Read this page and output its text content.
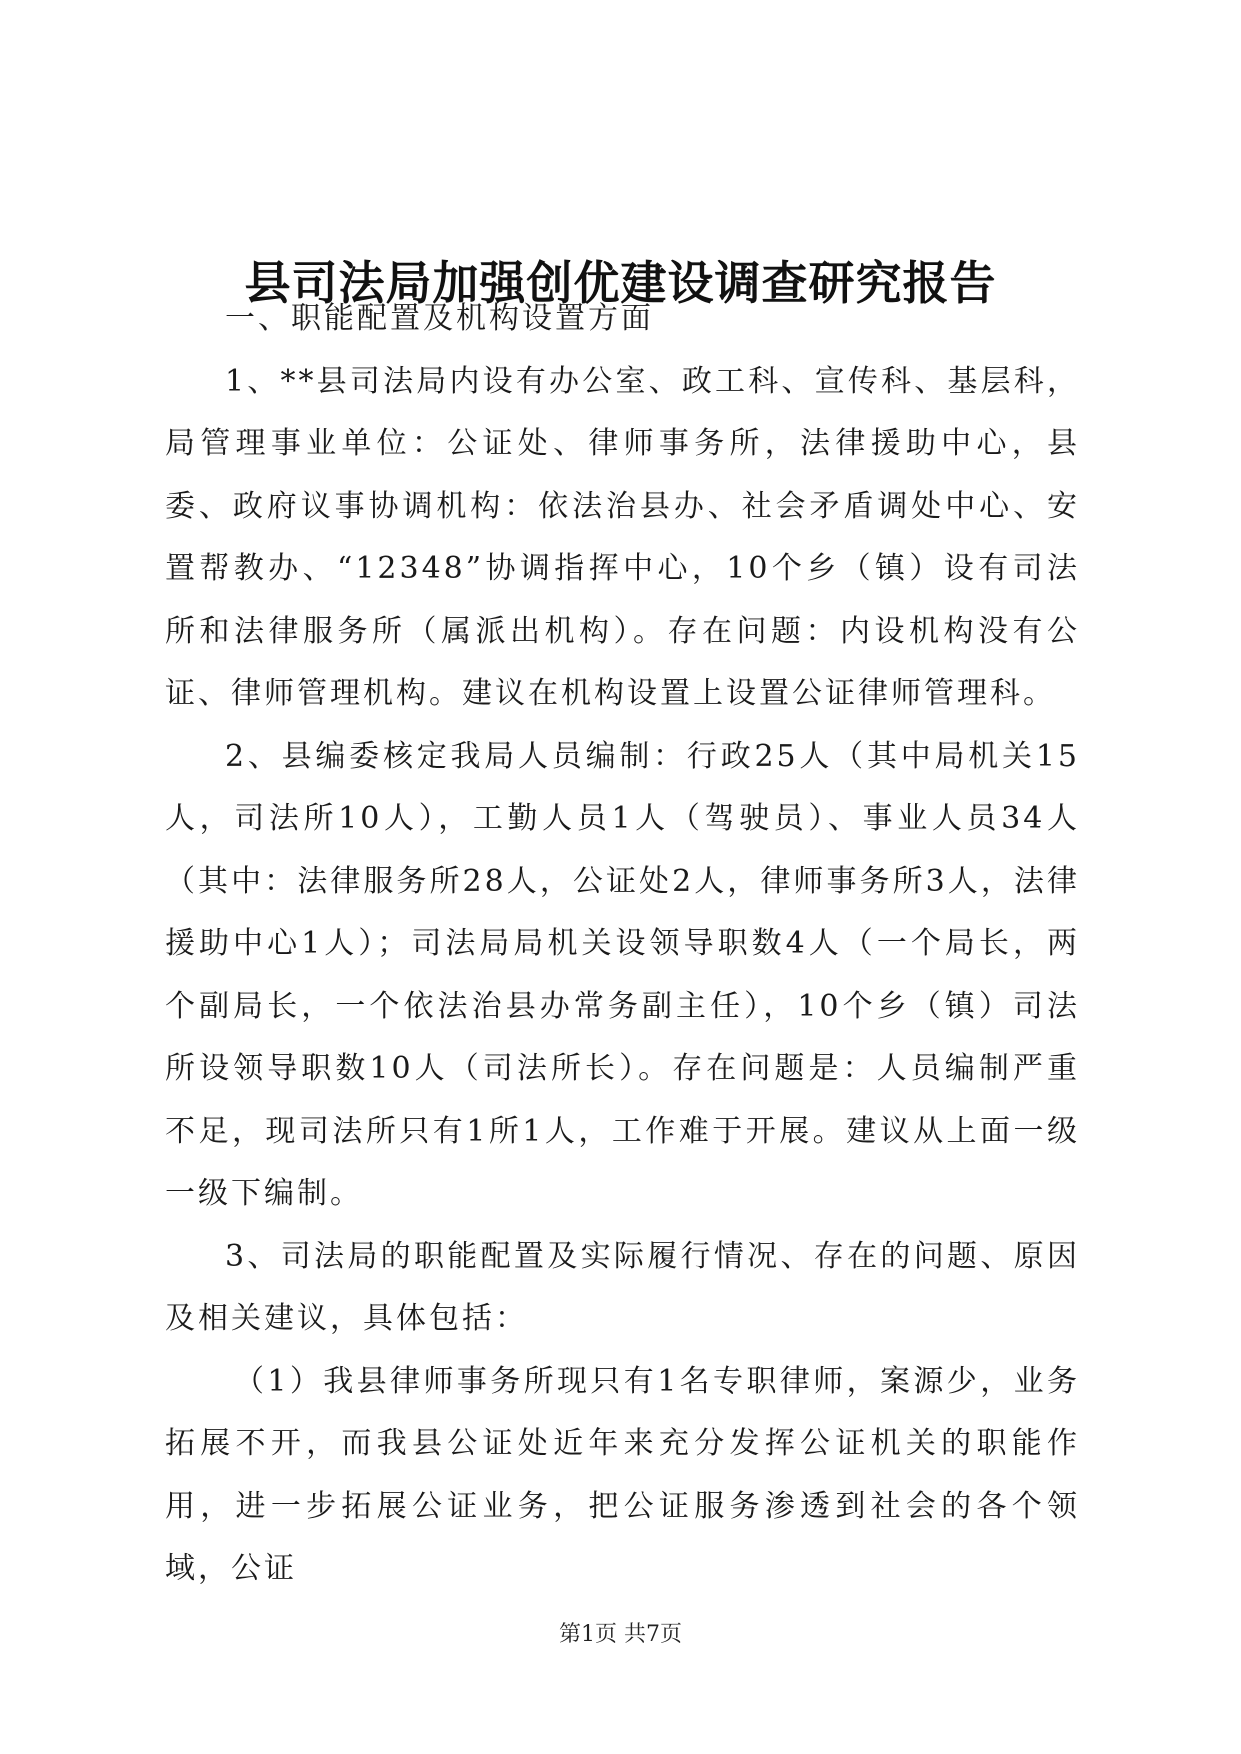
县司法局加强创优建设调查研究报告

一、职能配置及机构设置方面

1、**县司法局内设有办公室、政工科、宣传科、基层科，局管理事业单位：公证处、律师事务所，法律援助中心，县委、政府议事协调机构：依法治县办、社会矛盾调处中心、安置帮教办、“12348”协调指挥中心，10个乡（镇）设有司法所和法律服务所（属派出机构）。存在问题：内设机构没有公证、律师管理机构。建议在机构设置上设置公证律师管理科。

2、县编委核定我局人员编制：行政25人（其中局机关15人，司法所10人），工勤人员1人（驾驶员）、事业人员34人（其中：法律服务所28人，公证处2人，律师事务所3人，法律援助中心1人）；司法局局机关设领导职数4人（一个局长，两个副局长，一个依法治县办常务副主任），10个乡（镇）司法所设领导职数10人（司法所长）。存在问题是：人员编制严重不足，现司法所只有1所1人，工作难于开展。建议从上面一级一级下编制。

3、司法局的职能配置及实际履行情况、存在的问题、原因及相关建议，具体包括：

（1）我县律师事务所现只有1名专职律师，案源少，业务拓展不开，而我县公证处近年来充分发挥公证机关的职能作用，进一步拓展公证业务，把公证服务渗透到社会的各个领域，公证

第1页 共7页
